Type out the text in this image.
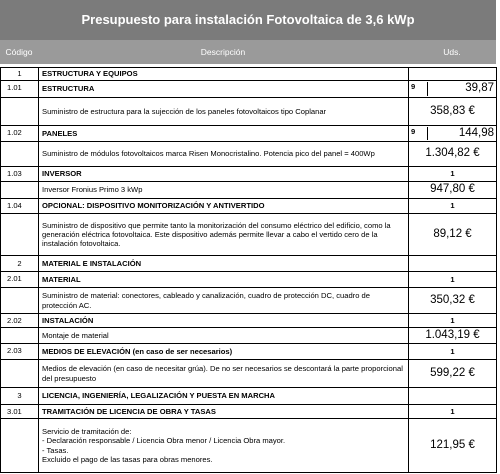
Presupuesto para instalación Fotovoltaica de 3,6 kWp
Código	Descripción	Uds.
1	ESTRUCTURA Y EQUIPOS	
1.01	ESTRUCTURA	9 39,87

	Suministro de estructura para la sujección de los paneles fotovoltaicos tipo Coplanar	358,83 €
1.02	PANELES	9 144,98

	Suministro de módulos fotovoltaicos marca Risen Monocristalino. Potencia pico del panel = 400Wp	1.304,82 €
1.03	INVERSOR	1
	Inversor Fronius Primo 3 kWp	947,80 €
1.04	OPCIONAL: DISPOSITIVO MONITORIZACIÓN Y ANTIVERTIDO	1
	Suministro de dispositivo que permite tanto la monitorización del consumo eléctrico del edificio, como la generación eléctrica fotovoltaica. Este dispositivo además permite llevar a cabo el vertido cero de la instalación fotovoltaica.	89,12 €
2	MATERIAL E INSTALACIÓN	
2.01	MATERIAL	1
	Suministro de material: conectores, cableado y canalización, cuadro de protección DC, cuadro de protección AC.	350,32 €
2.02	INSTALACIÓN	1
	Montaje de material	1.043,19 €
2.03	MEDIOS DE ELEVACIÓN (en caso de ser necesarios)	1
	Medios de elevación (en caso de necesitar grúa). De no ser necesarios se descontará la parte proporcional del presupuesto	599,22 €
3	LICENCIA, INGENIERÍA, LEGALIZACIÓN Y PUESTA EN MARCHA	
3.01	TRAMITACIÓN DE LICENCIA DE OBRA Y TASAS	1
	Servicio de tramitación de:
- Declaración responsable / Licencia Obra menor / Licencia Obra mayor.
- Tasas.
Excluido el pago de las tasas para obras menores.	121,95 €
